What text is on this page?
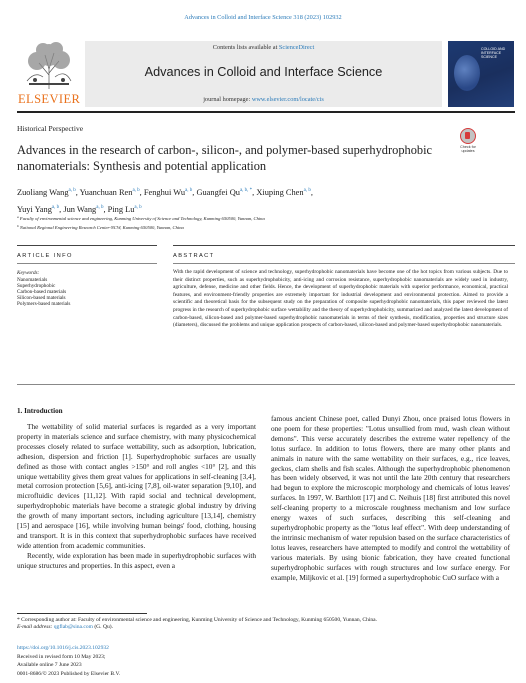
Advances in Colloid and Interface Science 318 (2023) 102932
ELSEVIER
Contents lists available at ScienceDirect
Advances in Colloid and Interface Science
journal homepage: www.elsevier.com/locate/cis
COLLOID AND INTERFACE SCIENCE
Historical Perspective
Check for updates
Advances in the research of carbon-, silicon-, and polymer-based superhydrophobic nanomaterials: Synthesis and potential application
Zuoliang Wang$^{a, b}$, Yuanchuan Ren$^{a, b}$, Fenghui Wu$^{a, b}$, Guangfei $Qu^{a, b, *}$, Xiuping Chen$^{a, b}$,
Yuyi Yang$^{a, b}$, Jun Wang$^{a, b}$, Ping Lu$^{a, b}$
$^a$ Faculty of environmental science and engineering, Kunming University of Science and Technology, Kunming 650500, Yunnan, China
$^b$ National Regional Engineering Research Center-NCW, Kunming 650500, Yunnan, China
ARTICLE INFO	ABSTRACT
Keywords:
Nanomaterials
Superhydrophobic
Carbon-based materials
Silicon-based materials
Polymers-based materials
With the rapid development of science and technology, superhydrophobic nanomaterials have become one of the hot topics from various subjects. Due to their distinct properties, such as superhydrophobicity, anti-icing and corrosion resistance, superhydrophobic nanomaterials are widely used in industry, agriculture, defense, medicine and other fields. Hence, the development of superhydrophobic materials with superior performance, economical, practical features, and environment-friendly properties are extremely important for industrial development and environmental protection. Aimed to provide a scientific and theoretical basis for the subsequent study on the preparation of composite superhydrophobic nanomaterials, this paper reviewed the latest progress in the research of superhydrophobic surface wettability and the theory of superhydrophobicity, summarized and analyzed the latest development of carbon-based, silicon-based and polymer-based superhydrophobic nanomaterials in terms of their synthesis, modification, properties and structure sizes (diameters), discussed the problems and unique application prospects of carbon-based, silicon-based and polymer-based superhydrophobic nanomaterials.
1. Introduction

The wettability of solid material surfaces is regarded as a very important property in materials science and surface chemistry, with many physicochemical processes closely related to surface wettability, such as adsorption, lubrication, adhesion, dispersion and friction [1]. Superhydrophobic surfaces are usually defined as those with contact angles >150° and roll angles <10° [2], and this unique wettability gives them great values for applications in self-cleaning [3,4], metal corrosion protection [5,6], anti-icing [7,8], oil-water separation [9,10], and microfluidic devices [11,12]. With rapid social and technical development, superhydrophobic materials have become a strategic global industry by driving the growth of many important sectors, including agriculture [13,14], chemistry [15] and aerospace [16], while involving human beings' food, clothing, housing and transport. It is in this context that superhydrophobic surfaces have received wide attention from academic communities.

Recently, wide exploration has been made in superhydrophobic surfaces with unique structures and properties. In this aspect, even a

famous ancient Chinese poet, called Dunyi Zhou, once praised lotus flowers in one poem for these properties: "Lotus unsullied from mud, wash clean without demons". This verse accurately describes the extreme water repellency of the lotus surface. In addition to lotus flowers, there are many other plants and animals in nature with the same wettability on their surfaces, e.g., rice leaves, geckos, clam shells and fish scales. Although the superhydrophobic phenomenon has been widely observed, it was not until the late 20th century that researchers had begun to explore the microscopic morphology and chemicals of lotus leaves' surfaces. In 1997, W. Barthlott [17] and C. Neihuis [18] first attributed this novel self-cleaning property to a microscale roughness mechanism and low surface energy waxes of such surfaces, describing this self-cleaning and superhydrophobic property as the "lotus leaf effect". With deep understanding of the intrinsic mechanism of water repulsion based on the surface characteristics of lotus leaves, researchers have attempted to modify and control the wettability of various materials. By using bionic fabrication, they have created functional superhydrophobic surfaces with rough structures and low surface energy. For example, Miljkovic et al. [19] formed a superhydrophobic CuO surface with a

* Corresponding author at: Faculty of environmental science and engineering, Kunming University of Science and Technology, Kunming 650500, Yunnan, China.
E-mail address: qgflab@sina.com (G. Qu).
https://doi.org/10.1016/j.cis.2023.102932
Received in revised form 10 May 2023;
Available online 7 June 2023
0001-8686/© 2023 Published by Elsevier B.V.
